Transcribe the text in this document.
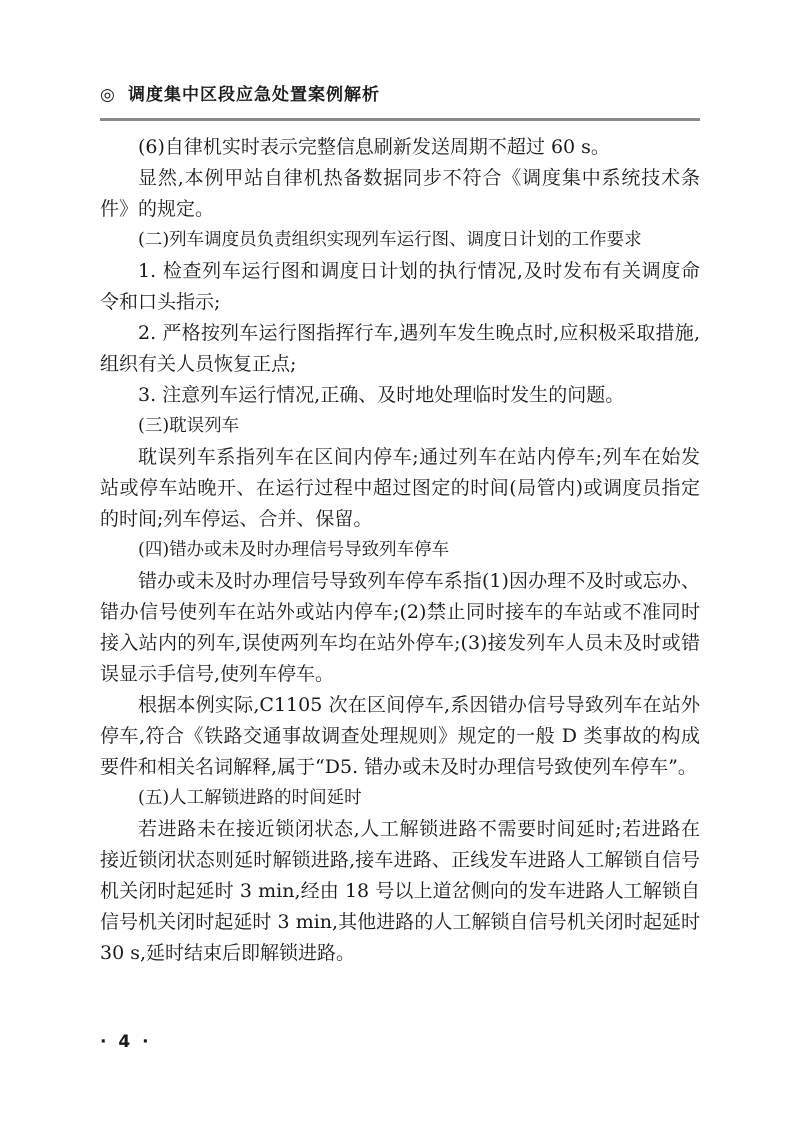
◎ 调度集中区段应急处置案例解析

(6)自律机实时表示完整信息刷新发送周期不超过 60 s。

显然,本例甲站自律机热备数据同步不符合《调度集中系统技术条件》的规定。

(二)列车调度员负责组织实现列车运行图、调度日计划的工作要求

1. 检查列车运行图和调度日计划的执行情况,及时发布有关调度命令和口头指示;

2. 严格按列车运行图指挥行车,遇列车发生晚点时,应积极采取措施,组织有关人员恢复正点;

3. 注意列车运行情况,正确、及时地处理临时发生的问题。

(三)耽误列车

耽误列车系指列车在区间内停车;通过列车在站内停车;列车在始发站或停车站晚开、在运行过程中超过图定的时间(局管内)或调度员指定的时间;列车停运、合并、保留。

(四)错办或未及时办理信号导致列车停车

错办或未及时办理信号导致列车停车系指(1)因办理不及时或忘办、错办信号使列车在站外或站内停车;(2)禁止同时接车的车站或不准同时接入站内的列车,误使两列车均在站外停车;(3)接发列车人员未及时或错误显示手信号,使列车停车。

根据本例实际,C1105 次在区间停车,系因错办信号导致列车在站外停车,符合《铁路交通事故调查处理规则》规定的一般 D 类事故的构成要件和相关名词解释,属于“D5. 错办或未及时办理信号致使列车停车”。

(五)人工解锁进路的时间延时

若进路未在接近锁闭状态,人工解锁进路不需要时间延时;若进路在接近锁闭状态则延时解锁进路,接车进路、正线发车进路人工解锁自信号机关闭时起延时 3 min,经由 18 号以上道岔侧向的发车进路人工解锁自信号机关闭时起延时 3 min,其他进路的人工解锁自信号机关闭时起延时 30 s,延时结束后即解锁进路。

· 4 ·
